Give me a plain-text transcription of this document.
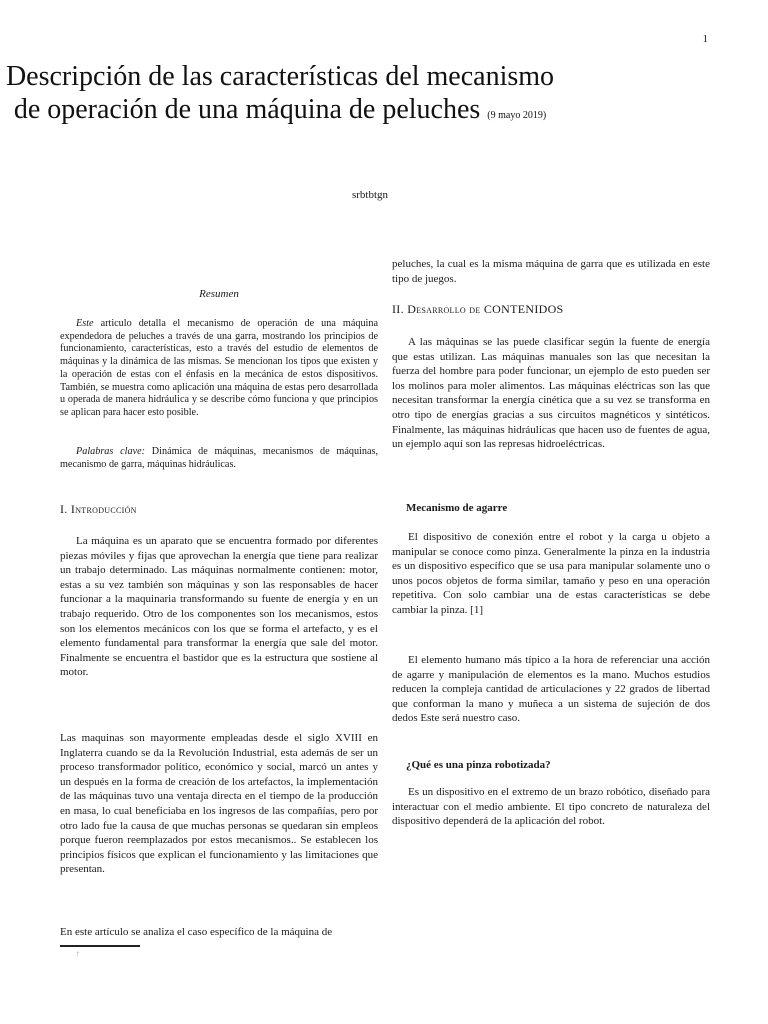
1
Descripción de las características del mecanismo de operación de una máquina de peluches (9 mayo 2019)
srbtbtgn
Resumen
Este articulo detalla el mecanismo de operación de una máquina expendedora de peluches a través de una garra, mostrando los principios de funcionamiento, características, esto a través del estudio de elementos de máquinas y la dinámica de las mismas. Se mencionan los tipos que existen y la operación de estas con el énfasis en la mecánica de estos dispositivos. También, se muestra como aplicación una máquina de estas pero desarrollada u operada de manera hidráulica y se describe cómo funciona y que principios se aplican para hacer esto posible.
Palabras clave: Dinámica de máquinas, mecanismos de máquinas, mecanismo de garra, máquinas hidráulicas.
I. Introducción
La máquina es un aparato que se encuentra formado por diferentes piezas móviles y fijas que aprovechan la energía que tiene para realizar un trabajo determinado. Las máquinas normalmente contienen: motor, estas a su vez también son máquinas y son las responsables de hacer funcionar a la maquinaria transformando su fuente de energía y en un trabajo requerido. Otro de los componentes son los mecanismos, estos son los elementos mecánicos con los que se forma el artefacto, y es el elemento fundamental para transformar la energía que sale del motor. Finalmente se encuentra el bastidor que es la estructura que sostiene al motor.
Las maquinas son mayormente empleadas desde el siglo XVIII en Inglaterra cuando se da la Revolución Industrial, esta además de ser un proceso transformador político, económico y social, marcó un antes y un después en la forma de creación de los artefactos, la implementación de las máquinas tuvo una ventaja directa en el tiempo de la producción en masa, lo cual beneficiaba en los ingresos de las compañías, pero por otro lado fue la causa de que muchas personas se quedaran sin empleos porque fueron reemplazados por estos mecanismos.. Se establecen los principios físicos que explican el funcionamiento y las limitaciones que presentan.
En este artículo se analiza el caso específico de la máquina de
†
peluches, la cual es la misma máquina de garra que es utilizada en este tipo de juegos.
II. Desarrollo de CONTENIDOS
A las máquinas se las puede clasificar según la fuente de energía que estas utilizan. Las máquinas manuales son las que necesitan la fuerza del hombre para poder funcionar, un ejemplo de esto pueden ser los molinos para moler alimentos. Las máquinas eléctricas son las que necesitan transformar la energía cinética que a su vez se transforma en otro tipo de energías gracias a sus circuitos magnéticos y sintéticos. Finalmente, las máquinas hidráulicas que hacen uso de fuentes de agua, un ejemplo aquí son las represas hidroeléctricas.
Mecanismo de agarre
El dispositivo de conexión entre el robot y la carga u objeto a manipular se conoce como pinza. Generalmente la pinza en la industria es un dispositivo específico que se usa para manipular solamente uno o unos pocos objetos de forma similar, tamaño y peso en una operación repetitiva. Con solo cambiar una de estas características se debe cambiar la pinza. [1]
El elemento humano más típico a la hora de referenciar una acción de agarre y manipulación de elementos es la mano. Muchos estudios reducen la compleja cantidad de articulaciones y 22 grados de libertad que conforman la mano y muñeca a un sistema de sujeción de dos dedos Este será nuestro caso.
¿Qué es una pinza robotizada?
Es un dispositivo en el extremo de un brazo robótico, diseñado para interactuar con el medio ambiente. El tipo concreto de naturaleza del dispositivo dependerá de la aplicación del robot.
